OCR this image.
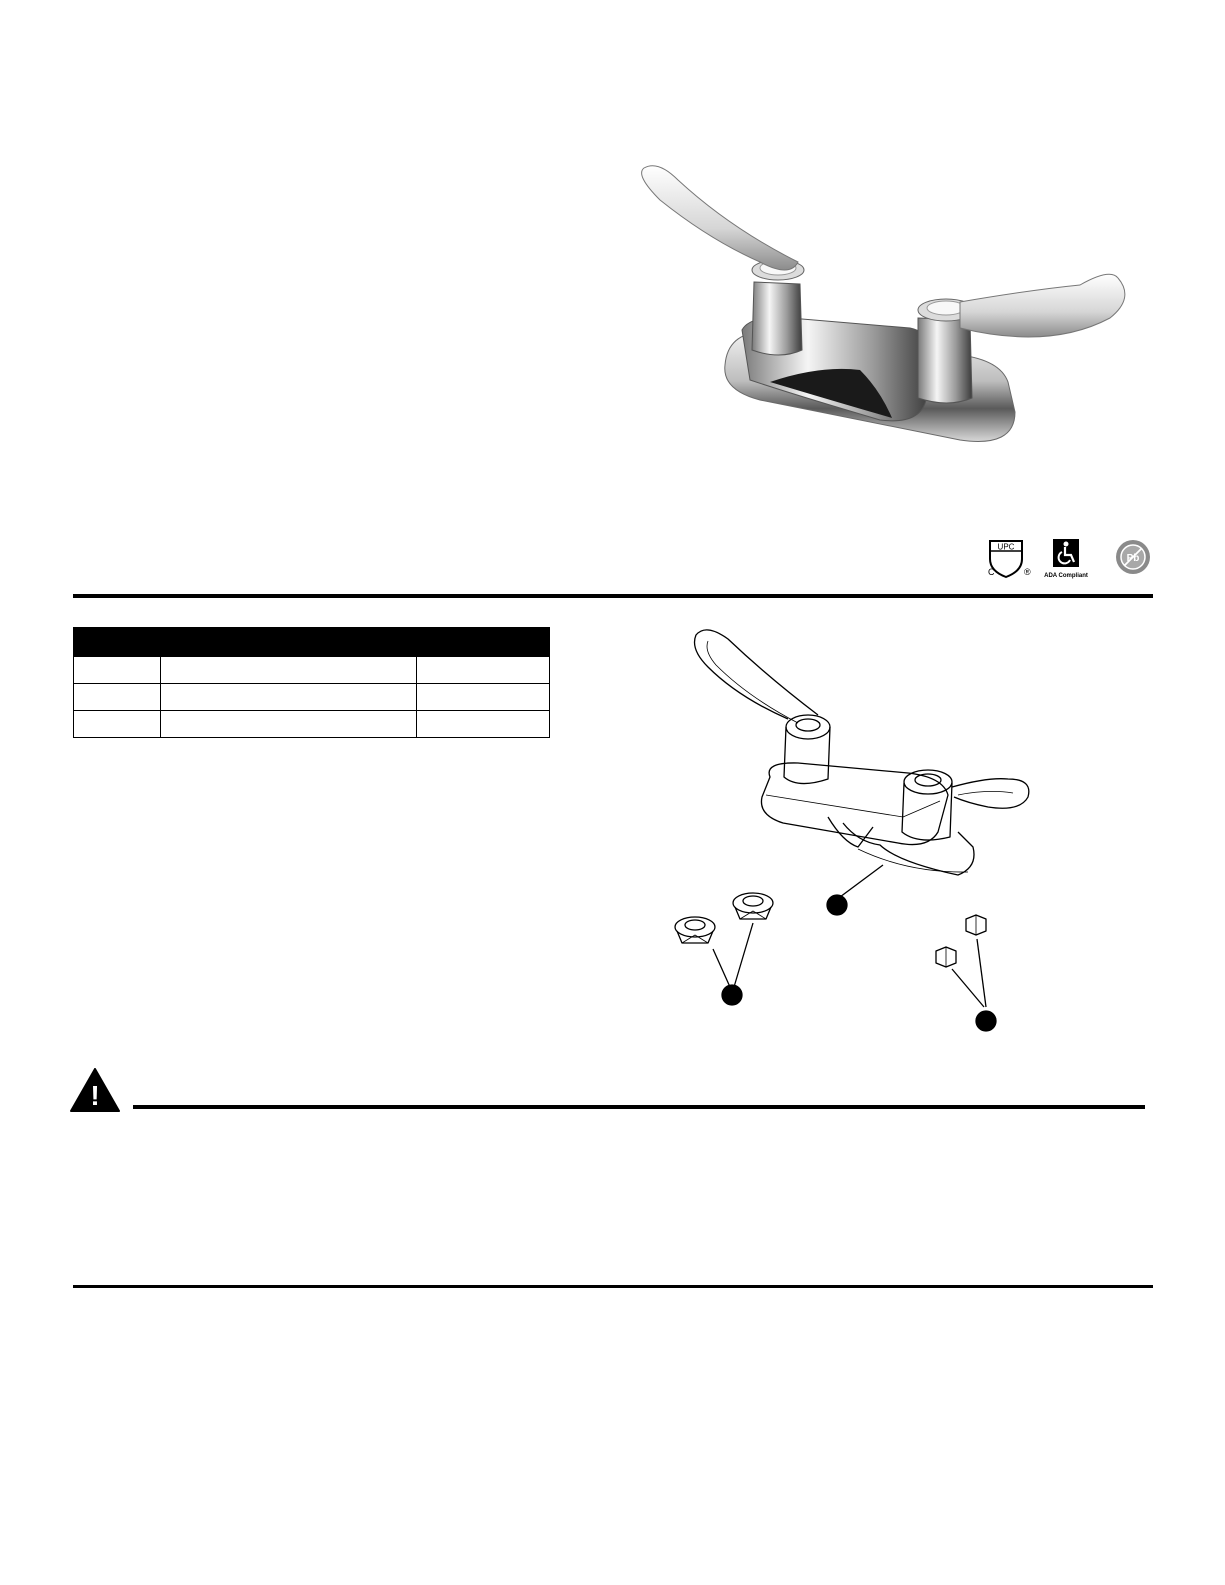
UPC
C	® ADA Compliant
Pb

!
